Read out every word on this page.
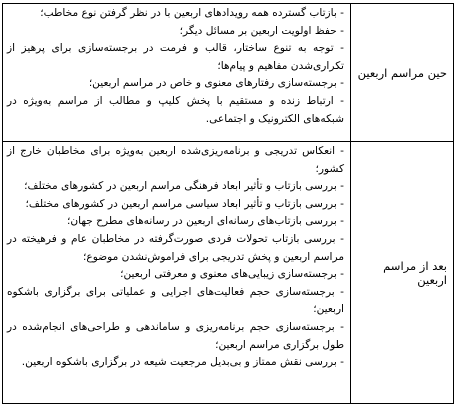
حین مراسم اربعین
- بازتاب گسترده همه رویدادهای اربعین با در نظر گرفتن نوع مخاطب؛
- حفظ اولویت اربعین بر مسائل دیگر؛
- توجه به تنوع ساختار، قالب و فرمت در برجسته‌سازی برای پرهیز از تکراری‌شدن مفاهیم و پیام‌ها؛
- برجسته‌سازی رفتارهای معنوی و خاص در مراسم اربعین؛
- ارتباط زنده و مستقیم با پخش کلیپ و مطالب از مراسم به‌ویژه در شبکه‌های الکترونیک و اجتماعی.
بعد از مراسم اربعین
- انعکاس تدریجی و برنامه‌ریزی‌شده اربعین به‌ویژه برای مخاطبان خارج از کشور؛
- بررسی بازتاب و تأثیر ابعاد فرهنگی مراسم اربعین در کشورهای مختلف؛
- بررسی بازتاب و تأثیر ابعاد سیاسی مراسم اربعین در کشورهای مختلف؛
- بررسی بازتاب‌های رسانه‌ای اربعین در رسانه‌های مطرح جهان؛
- بررسی بازتاب تحولات فردی صورت‌گرفته در مخاطبان عام و فرهیخته در مراسم اربعین و پخش تدریجی برای فراموش‌نشدن موضوع؛
- برجسته‌سازی زیبایی‌های معنوی و معرفتی اربعین؛
- برجسته‌سازی حجم فعالیت‌های اجرایی و عملیاتی برای برگزاری باشکوه اربعین؛
- برجسته‌سازی حجم برنامه‌ریزی و ساماندهی و طراحی‌های انجام‌شده در طول برگزاری مراسم اربعین؛
- بررسی نقش ممتاز و بی‌بدیل مرجعیت شیعه در برگزاری باشکوه اربعین.
